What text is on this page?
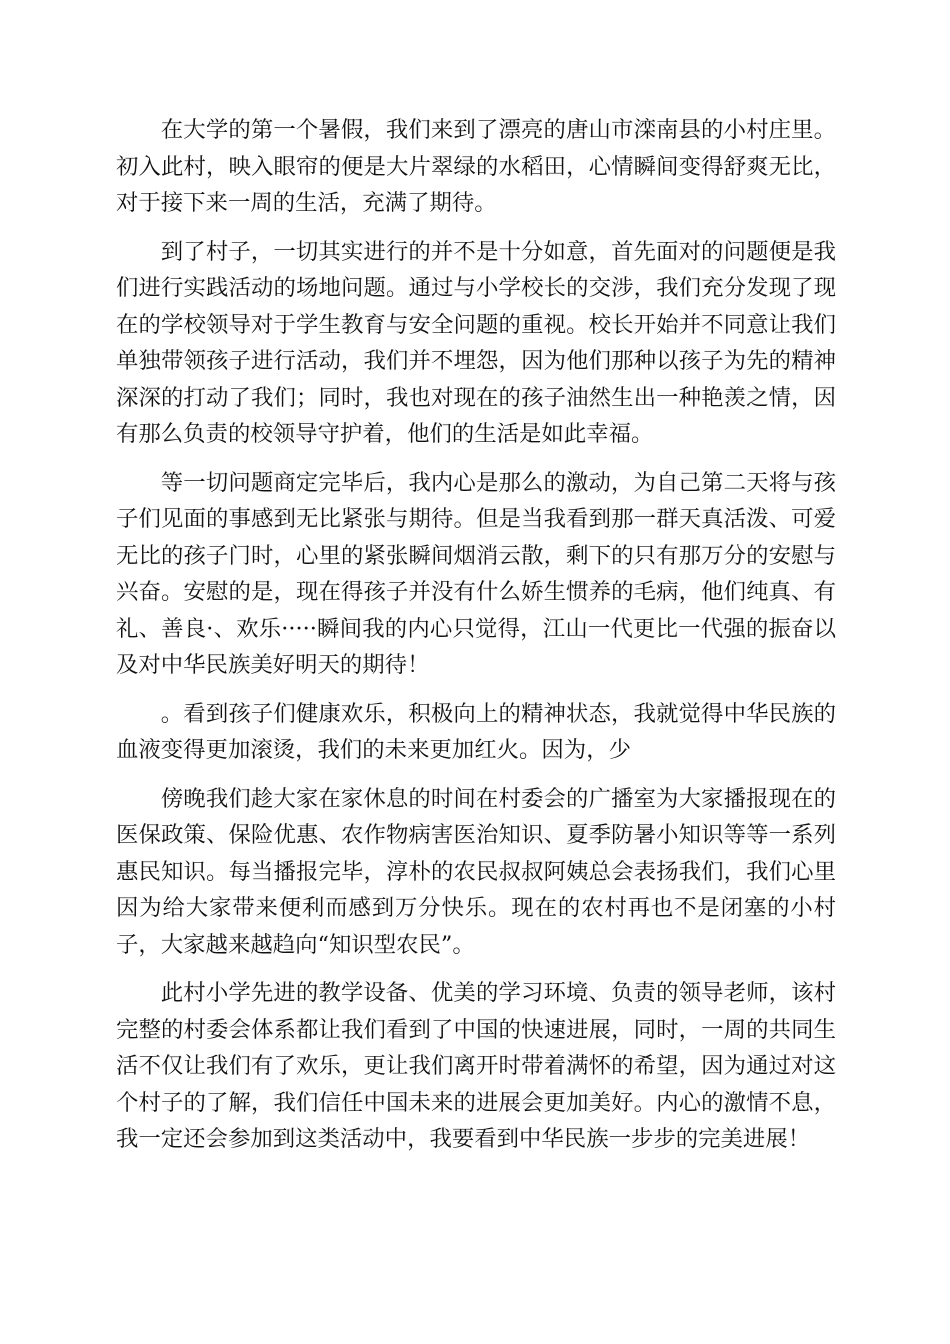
在大学的第一个暑假，我们来到了漂亮的唐山市滦南县的小村庄里。初入此村，映入眼帘的便是大片翠绿的水稻田，心情瞬间变得舒爽无比，对于接下来一周的生活，充满了期待。

到了村子，一切其实进行的并不是十分如意，首先面对的问题便是我们进行实践活动的场地问题。通过与小学校长的交涉，我们充分发现了现在的学校领导对于学生教育与安全问题的重视。校长开始并不同意让我们单独带领孩子进行活动，我们并不埋怨，因为他们那种以孩子为先的精神深深的打动了我们；同时，我也对现在的孩子油然生出一种艳羡之情，因有那么负责的校领导守护着，他们的生活是如此幸福。

等一切问题商定完毕后，我内心是那么的激动，为自己第二天将与孩子们见面的事感到无比紧张与期待。但是当我看到那一群天真活泼、可爱无比的孩子门时，心里的紧张瞬间烟消云散，剩下的只有那万分的安慰与兴奋。安慰的是，现在得孩子并没有什么娇生惯养的毛病，他们纯真、有礼、善良·、欢乐·····瞬间我的内心只觉得，江山一代更比一代强的振奋以及对中华民族美好明天的期待！

。看到孩子们健康欢乐，积极向上的精神状态，我就觉得中华民族的血液变得更加滚烫，我们的未来更加红火。因为，少

傍晚我们趁大家在家休息的时间在村委会的广播室为大家播报现在的医保政策、保险优惠、农作物病害医治知识、夏季防暑小知识等等一系列惠民知识。每当播报完毕，淳朴的农民叔叔阿姨总会表扬我们，我们心里因为给大家带来便利而感到万分快乐。现在的农村再也不是闭塞的小村子，大家越来越趋向“知识型农民”。

此村小学先进的教学设备、优美的学习环境、负责的领导老师，该村完整的村委会体系都让我们看到了中国的快速进展，同时，一周的共同生活不仅让我们有了欢乐，更让我们离开时带着满怀的希望，因为通过对这个村子的了解，我们信任中国未来的进展会更加美好。内心的激情不息，我一定还会参加到这类活动中，我要看到中华民族一步步的完美进展！
